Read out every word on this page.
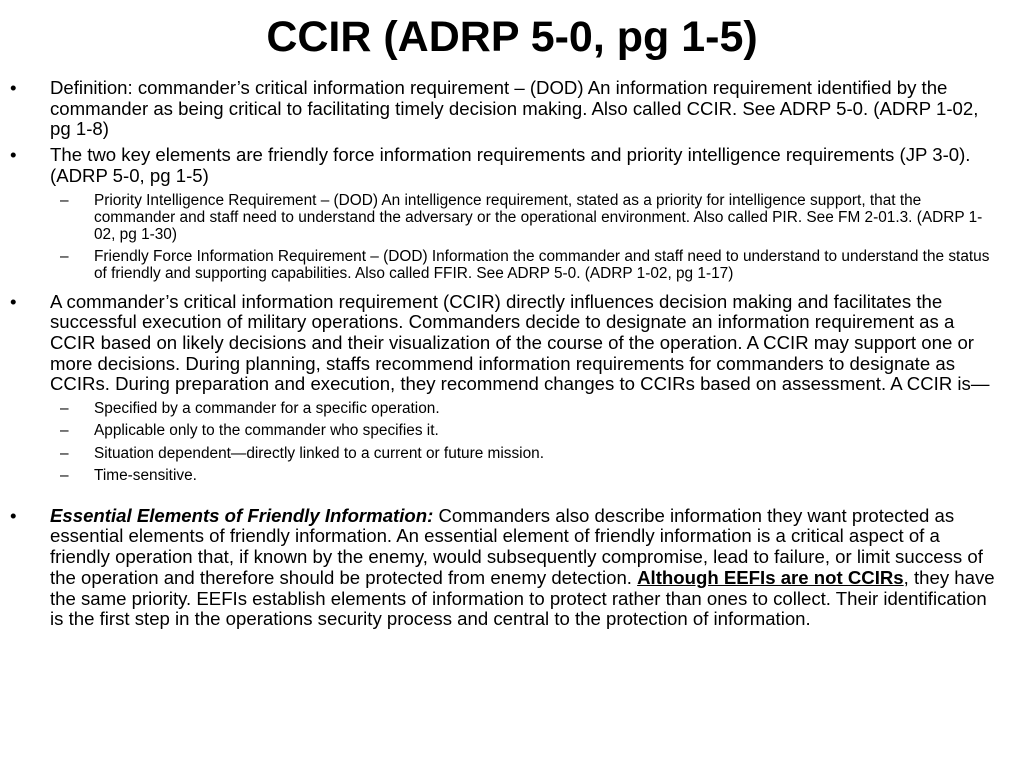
CCIR (ADRP 5-0, pg 1-5)
•	Definition: commander’s critical information requirement – (DOD) An information requirement identified by the commander as being critical to facilitating timely decision making. Also called CCIR. See ADRP 5-0. (ADRP 1-02, pg 1-8)
•	The two key elements are friendly force information requirements and priority intelligence requirements (JP 3-0). (ADRP 5-0, pg 1-5)
–	Priority Intelligence Requirement – (DOD) An intelligence requirement, stated as a priority for intelligence support, that the commander and staff need to understand the adversary or the operational environment. Also called PIR. See FM 2-01.3. (ADRP 1-02, pg 1-30)
–	Friendly Force Information Requirement – (DOD) Information the commander and staff need to understand to understand the status of friendly and supporting capabilities. Also called FFIR. See ADRP 5-0. (ADRP 1-02, pg 1-17)
•	A commander’s critical information requirement (CCIR) directly influences decision making and facilitates the successful execution of military operations. Commanders decide to designate an information requirement as a CCIR based on likely decisions and their visualization of the course of the operation. A CCIR may support one or more decisions. During planning, staffs recommend information requirements for commanders to designate as CCIRs. During preparation and execution, they recommend changes to CCIRs based on assessment. A CCIR is—
–	Specified by a commander for a specific operation.
–	Applicable only to the commander who specifies it.
–	Situation dependent—directly linked to a current or future mission.
–	Time-sensitive.
•	Essential Elements of Friendly Information: Commanders also describe information they want protected as essential elements of friendly information. An essential element of friendly information is a critical aspect of a friendly operation that, if known by the enemy, would subsequently compromise, lead to failure, or limit success of the operation and therefore should be protected from enemy detection. Although EEFIs are not CCIRs, they have the same priority. EEFIs establish elements of information to protect rather than ones to collect. Their identification is the first step in the operations security process and central to the protection of information.
